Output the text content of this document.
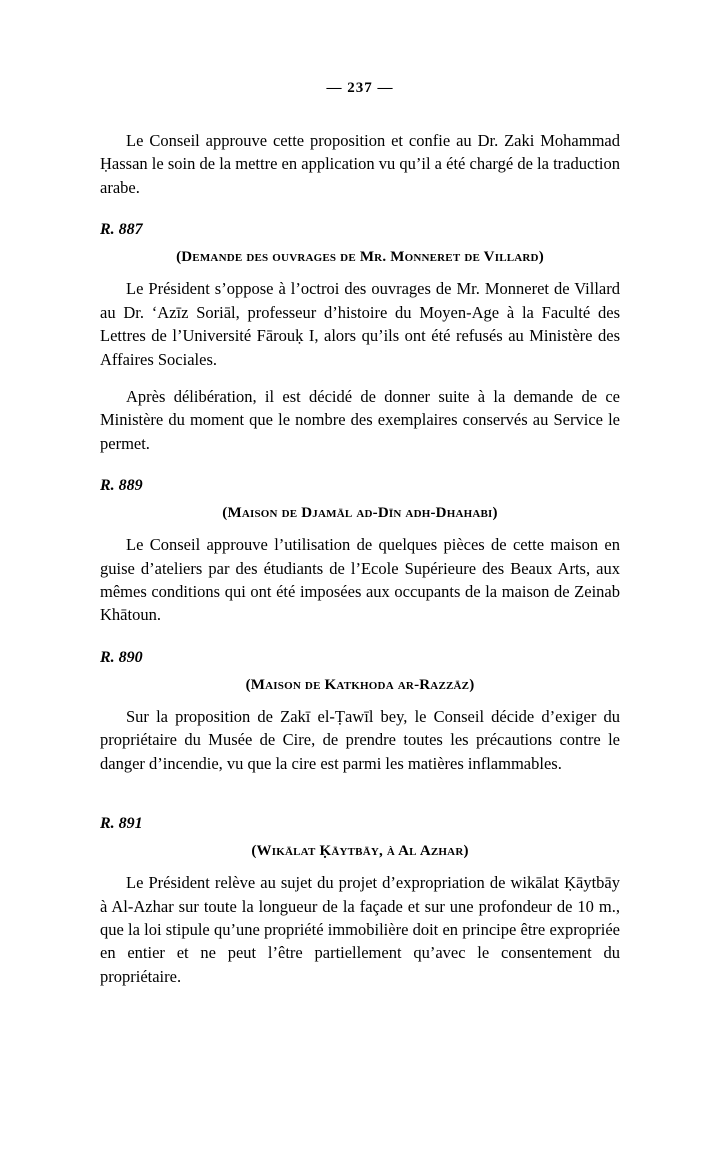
— 237 —

Le Conseil approuve cette proposition et confie au Dr. Zaki Mohammad Ḥassan le soin de la mettre en application vu qu’il a été chargé de la traduction arabe.

R. 887
(Demande des ouvrages de Mr. Monneret de Villard)

Le Président s’oppose à l’octroi des ouvrages de Mr. Monneret de Villard au Dr. ‘Azīz Soriāl, professeur d’histoire du Moyen-Age à la Faculté des Lettres de l’Université Fārouḳ I, alors qu’ils ont été refusés au Ministère des Affaires Sociales.

Après délibération, il est décidé de donner suite à la demande de ce Ministère du moment que le nombre des exemplaires conservés au Service le permet.

R. 889
(Maison de Djamāl ad-Dīn adh-Dhahabi)

Le Conseil approuve l’utilisation de quelques pièces de cette maison en guise d’ateliers par des étudiants de l’Ecole Supérieure des Beaux Arts, aux mêmes conditions qui ont été imposées aux occupants de la maison de Zeinab Khātoun.

R. 890
(Maison de Katkhoda ar-Razzāz)

Sur la proposition de Zakī el-Ṭawīl bey, le Conseil décide d’exiger du propriétaire du Musée de Cire, de prendre toutes les précautions contre le danger d’incendie, vu que la cire est parmi les matières inflammables.

R. 891
(Wikālat Ḳāytbāy, à Al Azhar)

Le Président relève au sujet du projet d’expropriation de wikālat Ḳāytbāy à Al-Azhar sur toute la longueur de la façade et sur une profondeur de 10 m., que la loi stipule qu’une propriété immobilière doit en principe être expropriée en entier et ne peut l’être partiellement qu’avec le consentement du propriétaire.
